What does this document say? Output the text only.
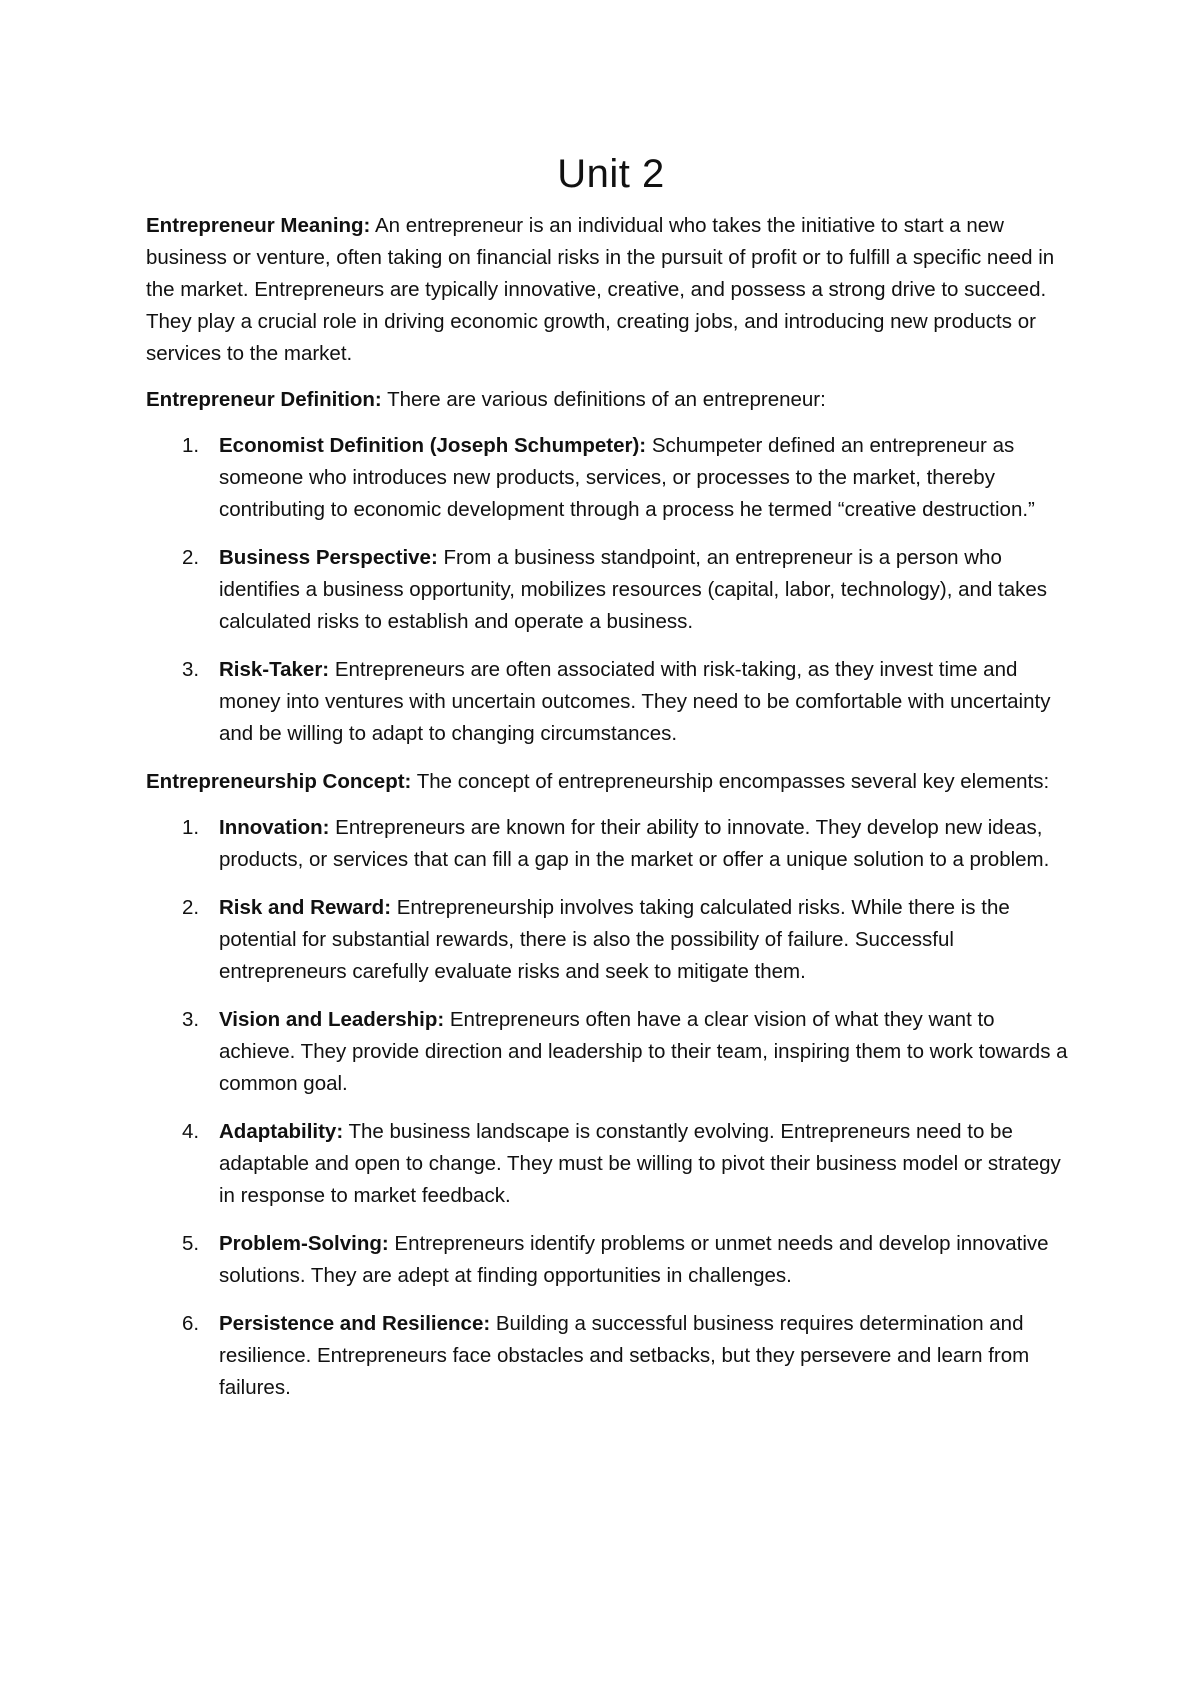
Unit 2

Entrepreneur Meaning: An entrepreneur is an individual who takes the initiative to start a new business or venture, often taking on financial risks in the pursuit of profit or to fulfill a specific need in the market. Entrepreneurs are typically innovative, creative, and possess a strong drive to succeed. They play a crucial role in driving economic growth, creating jobs, and introducing new products or services to the market.

Entrepreneur Definition: There are various definitions of an entrepreneur:

1. Economist Definition (Joseph Schumpeter): Schumpeter defined an entrepreneur as someone who introduces new products, services, or processes to the market, thereby contributing to economic development through a process he termed “creative destruction.”
2. Business Perspective: From a business standpoint, an entrepreneur is a person who identifies a business opportunity, mobilizes resources (capital, labor, technology), and takes calculated risks to establish and operate a business.
3. Risk-Taker: Entrepreneurs are often associated with risk-taking, as they invest time and money into ventures with uncertain outcomes. They need to be comfortable with uncertainty and be willing to adapt to changing circumstances.

Entrepreneurship Concept: The concept of entrepreneurship encompasses several key elements:

1. Innovation: Entrepreneurs are known for their ability to innovate. They develop new ideas, products, or services that can fill a gap in the market or offer a unique solution to a problem.
2. Risk and Reward: Entrepreneurship involves taking calculated risks. While there is the potential for substantial rewards, there is also the possibility of failure. Successful entrepreneurs carefully evaluate risks and seek to mitigate them.
3. Vision and Leadership: Entrepreneurs often have a clear vision of what they want to achieve. They provide direction and leadership to their team, inspiring them to work towards a common goal.
4. Adaptability: The business landscape is constantly evolving. Entrepreneurs need to be adaptable and open to change. They must be willing to pivot their business model or strategy in response to market feedback.
5. Problem-Solving: Entrepreneurs identify problems or unmet needs and develop innovative solutions. They are adept at finding opportunities in challenges.
6. Persistence and Resilience: Building a successful business requires determination and resilience. Entrepreneurs face obstacles and setbacks, but they persevere and learn from failures.
